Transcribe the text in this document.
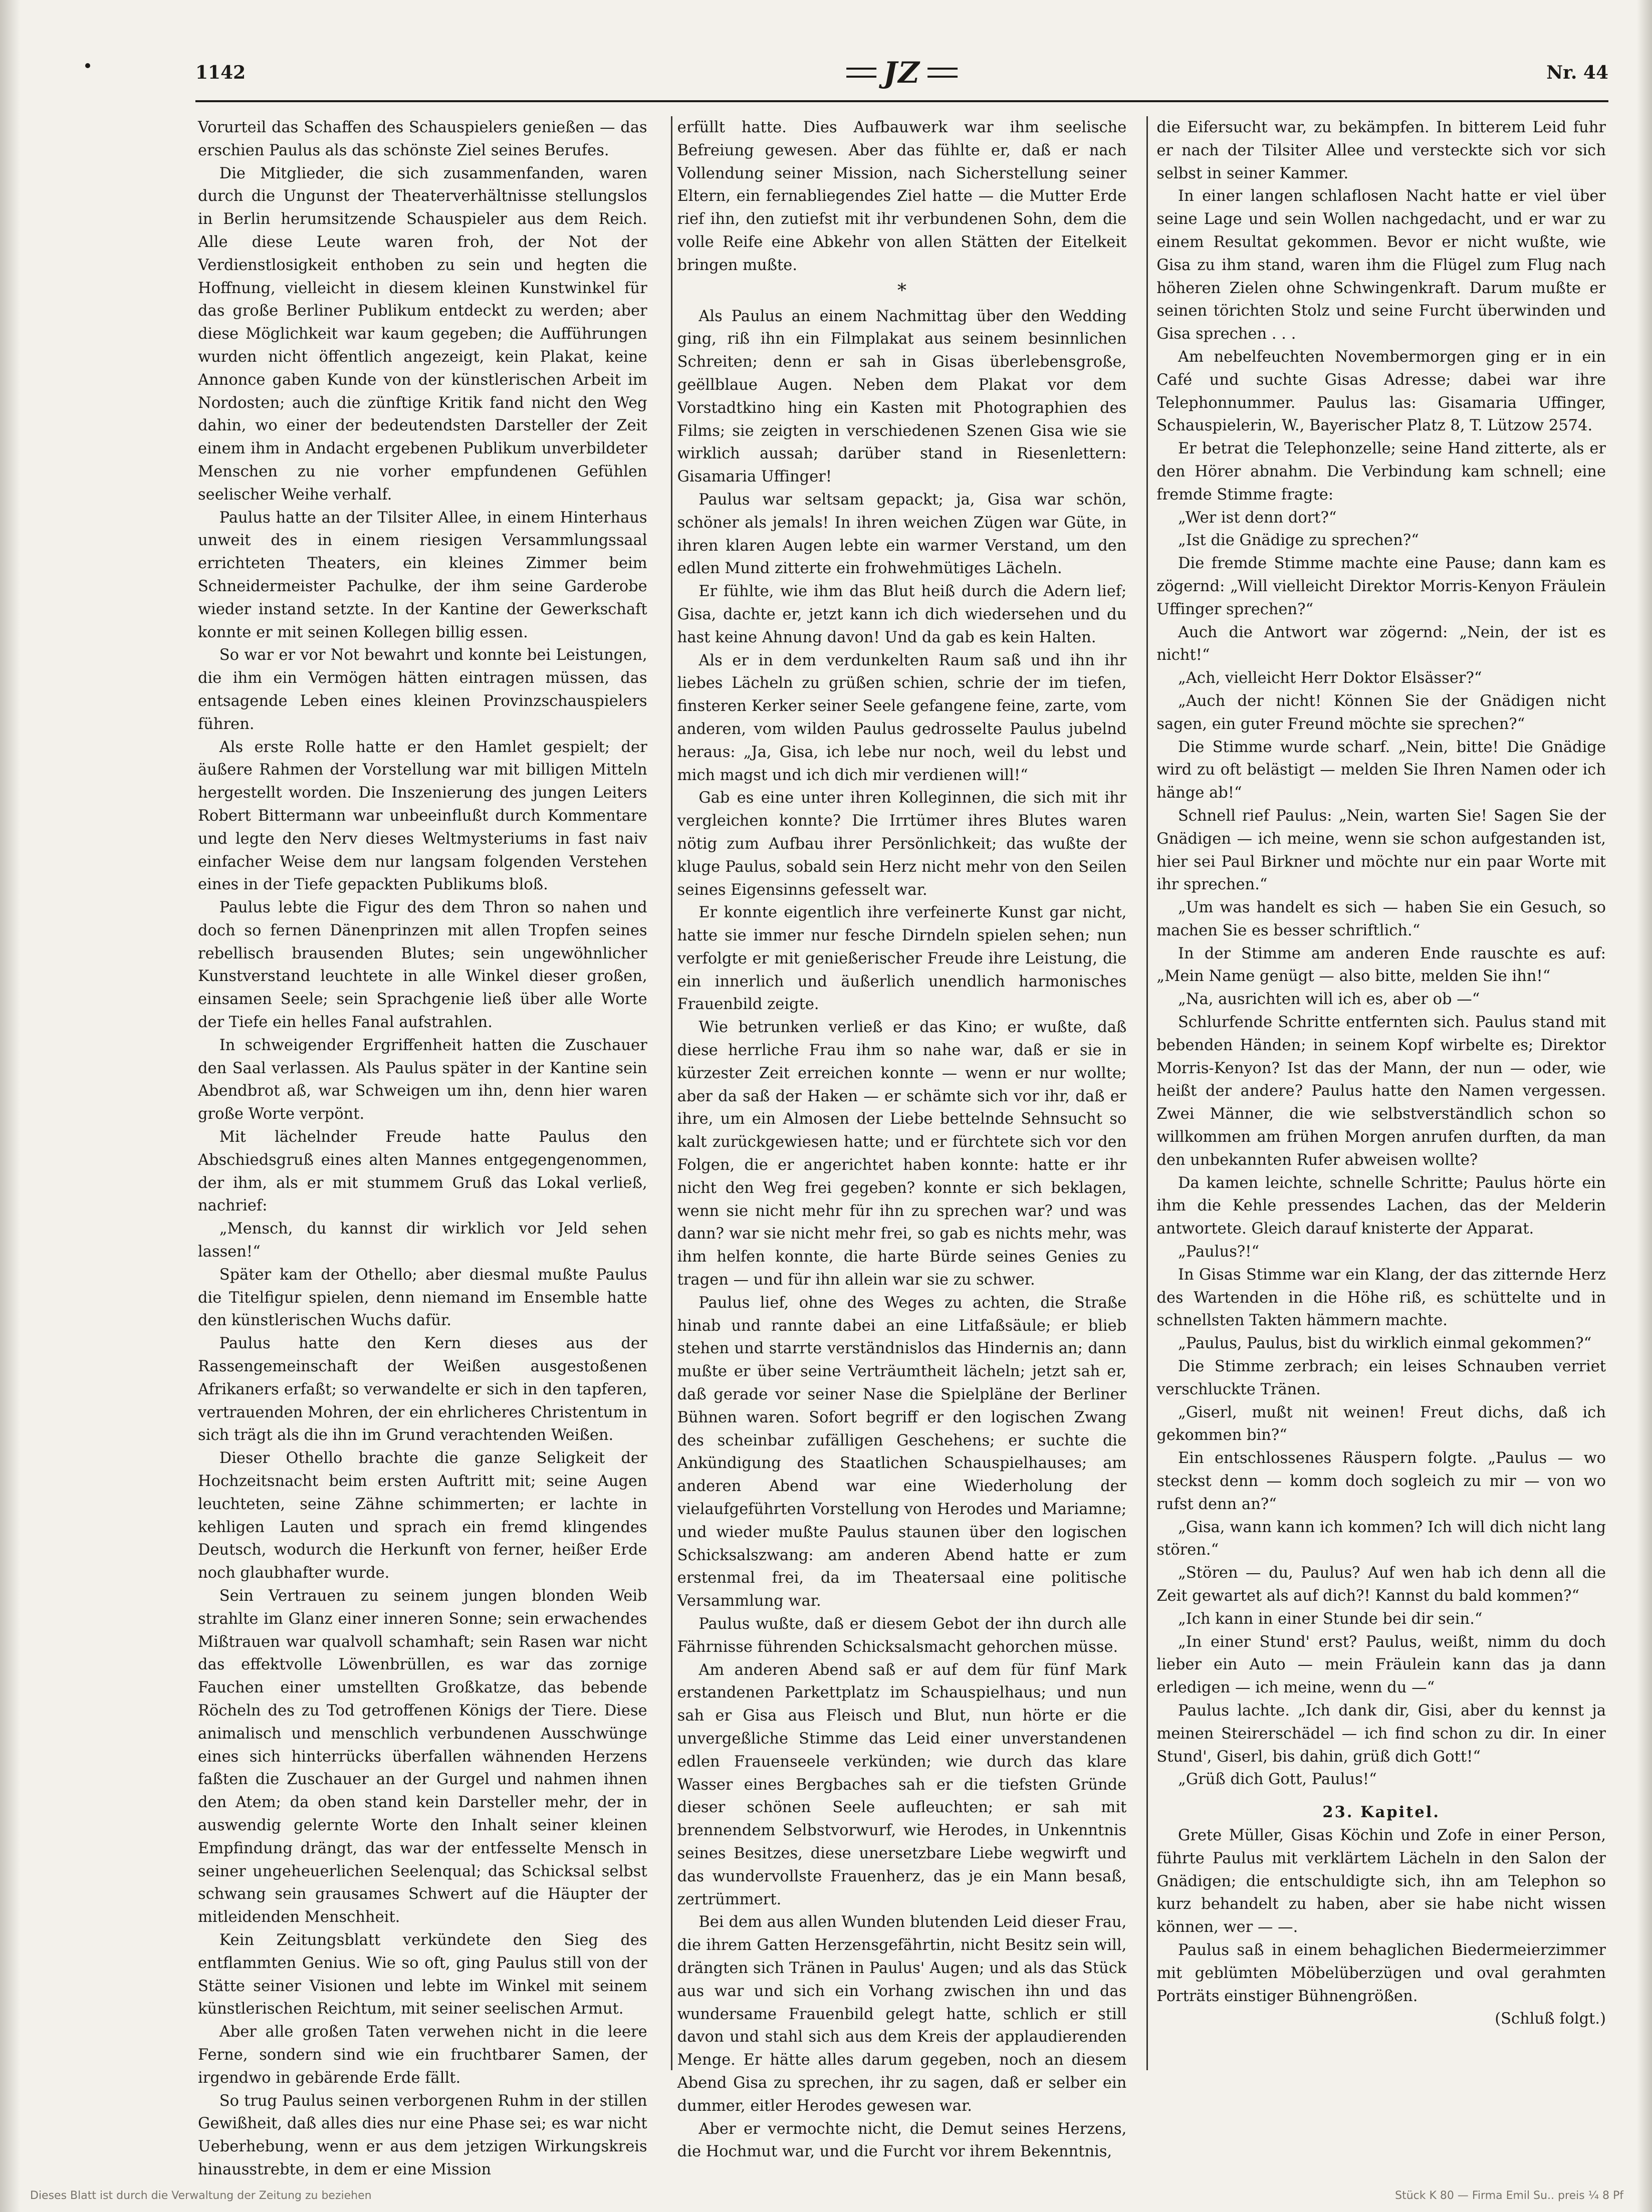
1142	JZ	Nr. 44

Vorurteil das Schaffen des Schauspielers genießen — das erschien Paulus als das schönste Ziel seines Berufes.

Die Mitglieder, die sich zusammenfanden, waren durch die Ungunst der Theaterverhältnisse stellungslos in Berlin herumsitzende Schauspieler aus dem Reich. Alle diese Leute waren froh, der Not der Verdienstlosigkeit enthoben zu sein und hegten die Hoffnung, vielleicht in diesem kleinen Kunstwinkel für das große Berliner Publikum entdeckt zu werden; aber diese Möglichkeit war kaum gegeben; die Aufführungen wurden nicht öffentlich angezeigt, kein Plakat, keine Annonce gaben Kunde von der künstlerischen Arbeit im Nordosten; auch die zünftige Kritik fand nicht den Weg dahin, wo einer der bedeutendsten Darsteller der Zeit einem ihm in Andacht ergebenen Publikum unverbildeter Menschen zu nie vorher empfundenen Gefühlen seelischer Weihe verhalf.

Paulus hatte an der Tilsiter Allee, in einem Hinterhaus unweit des in einem riesigen Versammlungssaal errichteten Theaters, ein kleines Zimmer beim Schneidermeister Pachulke, der ihm seine Garderobe wieder instand setzte. In der Kantine der Gewerkschaft konnte er mit seinen Kollegen billig essen.

So war er vor Not bewahrt und konnte bei Leistungen, die ihm ein Vermögen hätten eintragen müssen, das entsagende Leben eines kleinen Provinzschauspielers führen.

Als erste Rolle hatte er den Hamlet gespielt; der äußere Rahmen der Vorstellung war mit billigen Mitteln hergestellt worden. Die Inszenierung des jungen Leiters Robert Bittermann war unbeeinflußt durch Kommentare und legte den Nerv dieses Weltmysteriums in fast naiv einfacher Weise dem nur langsam folgenden Verstehen eines in der Tiefe gepackten Publikums bloß.

Paulus lebte die Figur des dem Thron so nahen und doch so fernen Dänenprinzen mit allen Tropfen seines rebellisch brausenden Blutes; sein ungewöhnlicher Kunstverstand leuchtete in alle Winkel dieser großen, einsamen Seele; sein Sprachgenie ließ über alle Worte der Tiefe ein helles Fanal aufstrahlen.

In schweigender Ergriffenheit hatten die Zuschauer den Saal verlassen. Als Paulus später in der Kantine sein Abendbrot aß, war Schweigen um ihn, denn hier waren große Worte verpönt.

Mit lächelnder Freude hatte Paulus den Abschiedsgruß eines alten Mannes entgegengenommen, der ihm, als er mit stummem Gruß das Lokal verließ, nachrief:

„Mensch, du kannst dir wirklich vor Jeld sehen lassen!“

Später kam der Othello; aber diesmal mußte Paulus die Titelfigur spielen, denn niemand im Ensemble hatte den künstlerischen Wuchs dafür.

Paulus hatte den Kern dieses aus der Rassengemeinschaft der Weißen ausgestoßenen Afrikaners erfaßt; so verwandelte er sich in den tapferen, vertrauenden Mohren, der ein ehrlicheres Christentum in sich trägt als die ihn im Grund verachtenden Weißen.

Dieser Othello brachte die ganze Seligkeit der Hochzeitsnacht beim ersten Auftritt mit; seine Augen leuchteten, seine Zähne schimmerten; er lachte in kehligen Lauten und sprach ein fremd klingendes Deutsch, wodurch die Herkunft von ferner, heißer Erde noch glaubhafter wurde.

Sein Vertrauen zu seinem jungen blonden Weib strahlte im Glanz einer inneren Sonne; sein erwachendes Mißtrauen war qualvoll schamhaft; sein Rasen war nicht das effektvolle Löwenbrüllen, es war das zornige Fauchen einer umstellten Großkatze, das bebende Röcheln des zu Tod getroffenen Königs der Tiere. Diese animalisch und menschlich verbundenen Ausschwünge eines sich hinterrücks überfallen wähnenden Herzens faßten die Zuschauer an der Gurgel und nahmen ihnen den Atem; da oben stand kein Darsteller mehr, der in auswendig gelernte Worte den Inhalt seiner kleinen Empfindung drängt, das war der entfesselte Mensch in seiner ungeheuerlichen Seelenqual; das Schicksal selbst schwang sein grausames Schwert auf die Häupter der mitleidenden Menschheit.

Kein Zeitungsblatt verkündete den Sieg des entflammten Genius. Wie so oft, ging Paulus still von der Stätte seiner Visionen und lebte im Winkel mit seinem künstlerischen Reichtum, mit seiner seelischen Armut.

Aber alle großen Taten verwehen nicht in die leere Ferne, sondern sind wie ein fruchtbarer Samen, der irgendwo in gebärende Erde fällt.

So trug Paulus seinen verborgenen Ruhm in der stillen Gewißheit, daß alles dies nur eine Phase sei; es war nicht Ueberhebung, wenn er aus dem jetzigen Wirkungskreis hinausstrebte, in dem er eine Mission

erfüllt hatte. Dies Aufbauwerk war ihm seelische Befreiung gewesen. Aber das fühlte er, daß er nach Vollendung seiner Mission, nach Sicherstellung seiner Eltern, ein fernabliegendes Ziel hatte — die Mutter Erde rief ihn, den zutiefst mit ihr verbundenen Sohn, dem die volle Reife eine Abkehr von allen Stätten der Eitelkeit bringen mußte.

*

Als Paulus an einem Nachmittag über den Wedding ging, riß ihn ein Filmplakat aus seinem besinnlichen Schreiten; denn er sah in Gisas überlebensgroße, geëllblaue Augen. Neben dem Plakat vor dem Vorstadtkino hing ein Kasten mit Photographien des Films; sie zeigten in verschiedenen Szenen Gisa wie sie wirklich aussah; darüber stand in Riesenlettern: Gisamaria Uffinger!

Paulus war seltsam gepackt; ja, Gisa war schön, schöner als jemals! In ihren weichen Zügen war Güte, in ihren klaren Augen lebte ein warmer Verstand, um den edlen Mund zitterte ein frohwehmütiges Lächeln.

Er fühlte, wie ihm das Blut heiß durch die Adern lief; Gisa, dachte er, jetzt kann ich dich wiedersehen und du hast keine Ahnung davon! Und da gab es kein Halten.

Als er in dem verdunkelten Raum saß und ihn ihr liebes Lächeln zu grüßen schien, schrie der im tiefen, finsteren Kerker seiner Seele gefangene feine, zarte, vom anderen, vom wilden Paulus gedrosselte Paulus jubelnd heraus: „Ja, Gisa, ich lebe nur noch, weil du lebst und mich magst und ich dich mir verdienen will!“

Gab es eine unter ihren Kolleginnen, die sich mit ihr vergleichen konnte? Die Irrtümer ihres Blutes waren nötig zum Aufbau ihrer Persönlichkeit; das wußte der kluge Paulus, sobald sein Herz nicht mehr von den Seilen seines Eigensinns gefesselt war.

Er konnte eigentlich ihre verfeinerte Kunst gar nicht, hatte sie immer nur fesche Dirndeln spielen sehen; nun verfolgte er mit genießerischer Freude ihre Leistung, die ein innerlich und äußerlich unendlich harmonisches Frauenbild zeigte.

Wie betrunken verließ er das Kino; er wußte, daß diese herrliche Frau ihm so nahe war, daß er sie in kürzester Zeit erreichen konnte — wenn er nur wollte; aber da saß der Haken — er schämte sich vor ihr, daß er ihre, um ein Almosen der Liebe bettelnde Sehnsucht so kalt zurückgewiesen hatte; und er fürchtete sich vor den Folgen, die er angerichtet haben konnte: hatte er ihr nicht den Weg frei gegeben? konnte er sich beklagen, wenn sie nicht mehr für ihn zu sprechen war? und was dann? war sie nicht mehr frei, so gab es nichts mehr, was ihm helfen konnte, die harte Bürde seines Genies zu tragen — und für ihn allein war sie zu schwer.

Paulus lief, ohne des Weges zu achten, die Straße hinab und rannte dabei an eine Litfaßsäule; er blieb stehen und starrte verständnislos das Hindernis an; dann mußte er über seine Verträumtheit lächeln; jetzt sah er, daß gerade vor seiner Nase die Spielpläne der Berliner Bühnen waren. Sofort begriff er den logischen Zwang des scheinbar zufälligen Geschehens; er suchte die Ankündigung des Staatlichen Schauspielhauses; am anderen Abend war eine Wiederholung der vielaufgeführten Vorstellung von Herodes und Mariamne; und wieder mußte Paulus staunen über den logischen Schicksalszwang: am anderen Abend hatte er zum erstenmal frei, da im Theatersaal eine politische Versammlung war.

Paulus wußte, daß er diesem Gebot der ihn durch alle Fährnisse führenden Schicksalsmacht gehorchen müsse.

Am anderen Abend saß er auf dem für fünf Mark erstandenen Parkettplatz im Schauspielhaus; und nun sah er Gisa aus Fleisch und Blut, nun hörte er die unvergeßliche Stimme das Leid einer unverstandenen edlen Frauenseele verkünden; wie durch das klare Wasser eines Bergbaches sah er die tiefsten Gründe dieser schönen Seele aufleuchten; er sah mit brennendem Selbstvorwurf, wie Herodes, in Unkenntnis seines Besitzes, diese unersetzbare Liebe wegwirft und das wundervollste Frauenherz, das je ein Mann besaß, zertrümmert.

Bei dem aus allen Wunden blutenden Leid dieser Frau, die ihrem Gatten Herzensgefährtin, nicht Besitz sein will, drängten sich Tränen in Paulus' Augen; und als das Stück aus war und sich ein Vorhang zwischen ihn und das wundersame Frauenbild gelegt hatte, schlich er still davon und stahl sich aus dem Kreis der applaudierenden Menge. Er hätte alles darum gegeben, noch an diesem Abend Gisa zu sprechen, ihr zu sagen, daß er selber ein dummer, eitler Herodes gewesen war.

Aber er vermochte nicht, die Demut seines Herzens, die Hochmut war, und die Furcht vor ihrem Bekenntnis,

die Eifersucht war, zu bekämpfen. In bitterem Leid fuhr er nach der Tilsiter Allee und versteckte sich vor sich selbst in seiner Kammer.

In einer langen schlaflosen Nacht hatte er viel über seine Lage und sein Wollen nachgedacht, und er war zu einem Resultat gekommen. Bevor er nicht wußte, wie Gisa zu ihm stand, waren ihm die Flügel zum Flug nach höheren Zielen ohne Schwingenkraft. Darum mußte er seinen törichten Stolz und seine Furcht überwinden und Gisa sprechen . . .

Am nebelfeuchten Novembermorgen ging er in ein Café und suchte Gisas Adresse; dabei war ihre Telephonnummer. Paulus las: Gisamaria Uffinger, Schauspielerin, W., Bayerischer Platz 8, T. Lützow 2574.

Er betrat die Telephonzelle; seine Hand zitterte, als er den Hörer abnahm. Die Verbindung kam schnell; eine fremde Stimme fragte:

„Wer ist denn dort?“

„Ist die Gnädige zu sprechen?“

Die fremde Stimme machte eine Pause; dann kam es zögernd: „Will vielleicht Direktor Morris-Kenyon Fräulein Uffinger sprechen?“

Auch die Antwort war zögernd: „Nein, der ist es nicht!“

„Ach, vielleicht Herr Doktor Elsässer?“

„Auch der nicht! Können Sie der Gnädigen nicht sagen, ein guter Freund möchte sie sprechen?“

Die Stimme wurde scharf. „Nein, bitte! Die Gnädige wird zu oft belästigt — melden Sie Ihren Namen oder ich hänge ab!“

Schnell rief Paulus: „Nein, warten Sie! Sagen Sie der Gnädigen — ich meine, wenn sie schon aufgestanden ist, hier sei Paul Birkner und möchte nur ein paar Worte mit ihr sprechen.“

„Um was handelt es sich — haben Sie ein Gesuch, so machen Sie es besser schriftlich.“

In der Stimme am anderen Ende rauschte es auf: „Mein Name genügt — also bitte, melden Sie ihn!“

„Na, ausrichten will ich es, aber ob —“

Schlurfende Schritte entfernten sich. Paulus stand mit bebenden Händen; in seinem Kopf wirbelte es; Direktor Morris-Kenyon? Ist das der Mann, der nun — oder, wie heißt der andere? Paulus hatte den Namen vergessen. Zwei Männer, die wie selbstverständlich schon so willkommen am frühen Morgen anrufen durften, da man den unbekannten Rufer abweisen wollte?

Da kamen leichte, schnelle Schritte; Paulus hörte ein ihm die Kehle pressendes Lachen, das der Melderin antwortete. Gleich darauf knisterte der Apparat.

„Paulus?!“

In Gisas Stimme war ein Klang, der das zitternde Herz des Wartenden in die Höhe riß, es schüttelte und in schnellsten Takten hämmern machte.

„Paulus, Paulus, bist du wirklich einmal gekommen?“

Die Stimme zerbrach; ein leises Schnauben verriet verschluckte Tränen.

„Giserl, mußt nit weinen! Freut dichs, daß ich gekommen bin?“

Ein entschlossenes Räuspern folgte. „Paulus — wo steckst denn — komm doch sogleich zu mir — von wo rufst denn an?“

„Gisa, wann kann ich kommen? Ich will dich nicht lang stören.“

„Stören — du, Paulus? Auf wen hab ich denn all die Zeit gewartet als auf dich?! Kannst du bald kommen?“

„Ich kann in einer Stunde bei dir sein.“

„In einer Stund' erst? Paulus, weißt, nimm du doch lieber ein Auto — mein Fräulein kann das ja dann erledigen — ich meine, wenn du —“

Paulus lachte. „Ich dank dir, Gisi, aber du kennst ja meinen Steirerschädel — ich find schon zu dir. In einer Stund', Giserl, bis dahin, grüß dich Gott!“

„Grüß dich Gott, Paulus!“

23. Kapitel.

Grete Müller, Gisas Köchin und Zofe in einer Person, führte Paulus mit verklärtem Lächeln in den Salon der Gnädigen; die entschuldigte sich, ihn am Telephon so kurz behandelt zu haben, aber sie habe nicht wissen können, wer — —.

Paulus saß in einem behaglichen Biedermeierzimmer mit geblümten Möbelüberzügen und oval gerahmten Porträts einstiger Bühnengrößen.

(Schluß folgt.)

Dieses Blatt ist durch die Verwaltung der Zeitung zu beziehen	Stück K 80 — Firma Emil Su.. preis ¼ 8 Pf
